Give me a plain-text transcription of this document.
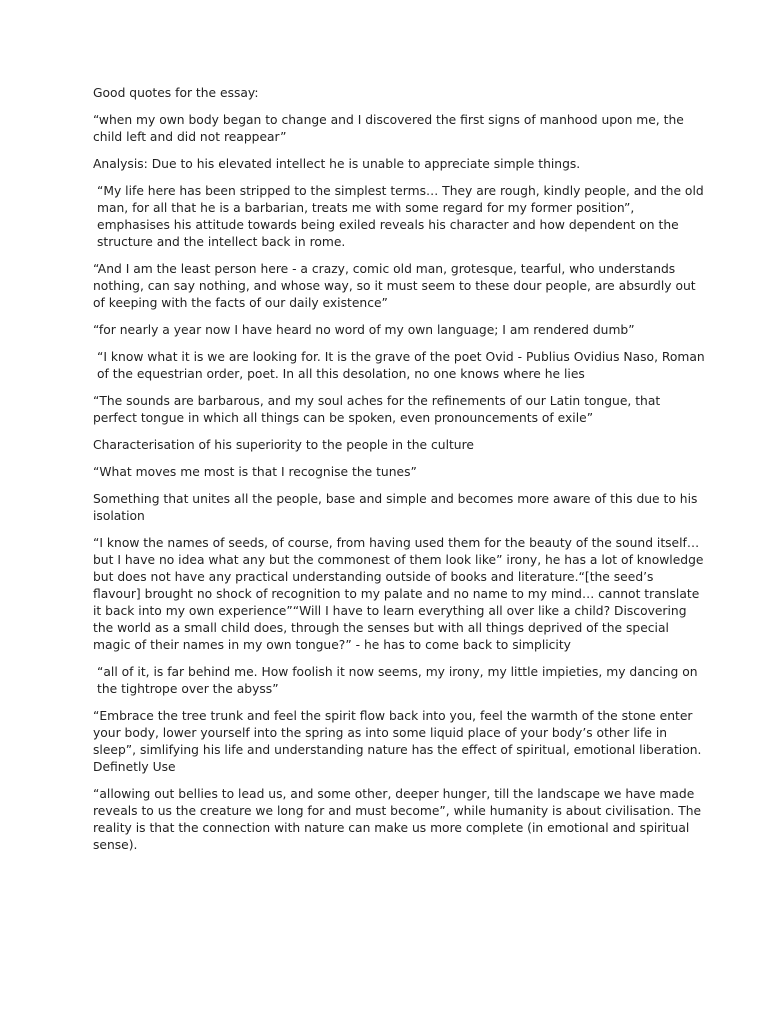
Good quotes for the essay:

“when my own body began to change and I discovered the first signs of manhood upon me, the child left and did not reappear”

Analysis: Due to his elevated intellect he is unable to appreciate simple things.

“My life here has been stripped to the simplest terms… They are rough, kindly people, and the old man, for all that he is a barbarian, treats me with some regard for my former position”, emphasises his attitude towards being exiled reveals his character and how dependent on the structure and the intellect back in rome.

“And I am the least person here - a crazy, comic old man, grotesque, tearful, who understands nothing, can say nothing, and whose way, so it must seem to these dour people, are absurdly out of keeping with the facts of our daily existence”

“for nearly a year now I have heard no word of my own language; I am rendered dumb”

“I know what it is we are looking for. It is the grave of the poet Ovid - Publius Ovidius Naso, Roman of the equestrian order, poet. In all this desolation, no one knows where he lies

“The sounds are barbarous, and my soul aches for the refinements of our Latin tongue, that perfect tongue in which all things can be spoken, even pronouncements of exile”

Characterisation of his superiority to the people in the culture

“What moves me most is that I recognise the tunes”

Something that unites all the people, base and simple and becomes more aware of this due to his isolation

“I know the names of seeds, of course, from having used them for the beauty of the sound itself… but I have no idea what any but the commonest of them look like” irony, he has a lot of knowledge but does not have any practical understanding outside of books and literature.“[the seed’s flavour] brought no shock of recognition to my palate and no name to my mind… cannot translate it back into my own experience”“Will I have to learn everything all over like a child? Discovering the world as a small child does, through the senses but with all things deprived of the special magic of their names in my own tongue?” - he has to come back to simplicity

“all of it, is far behind me. How foolish it now seems, my irony, my little impieties, my dancing on the tightrope over the abyss”

“Embrace the tree trunk and feel the spirit flow back into you, feel the warmth of the stone enter your body, lower yourself into the spring as into some liquid place of your body’s other life in sleep”, simlifying his life and understanding nature has the effect of spiritual, emotional liberation. Definetly Use

“allowing out bellies to lead us, and some other, deeper hunger, till the landscape we have made reveals to us the creature we long for and must become”, while humanity is about civilisation. The reality is that the connection with nature can make us more complete (in emotional and spiritual sense).
